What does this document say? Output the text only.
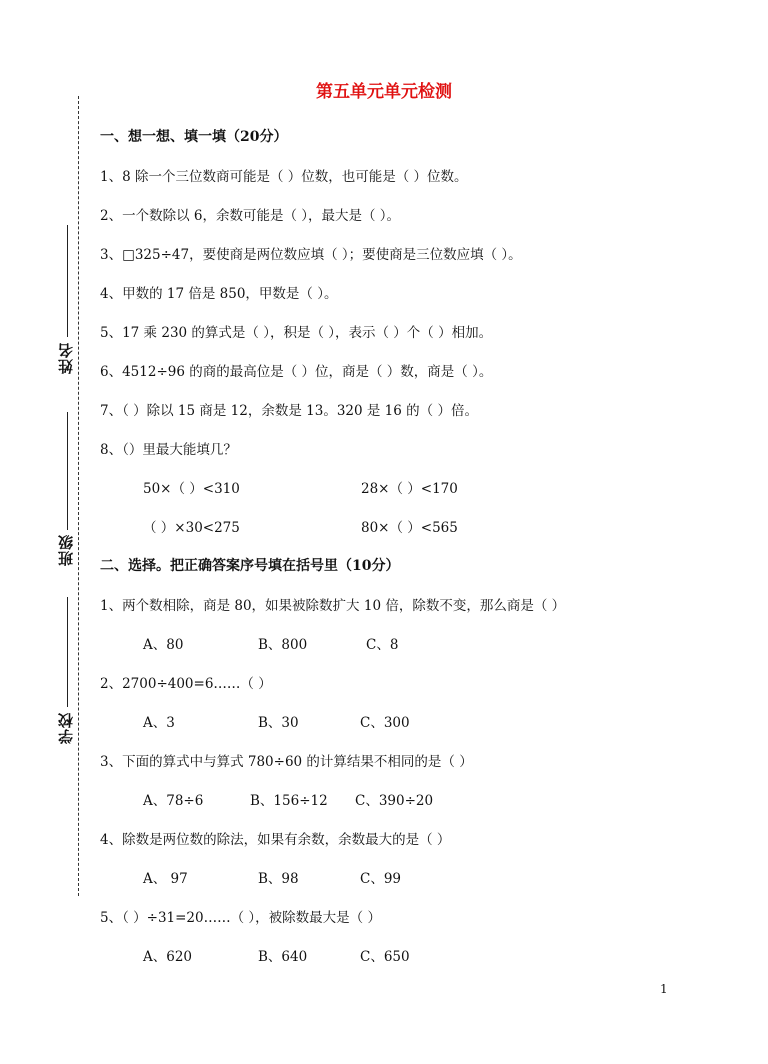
姓名
班级
学校
第五单元单元检测
一、想一想、填一填（20分）
1、8 除一个三位数商可能是（ ）位数，也可能是（ ）位数。
2、一个数除以 6，余数可能是（ ），最大是（ ）。
3、□325÷47，要使商是两位数应填（ ）；要使商是三位数应填（ ）。
4、甲数的 17 倍是 850，甲数是（ ）。
5、17 乘 230 的算式是（ ），积是（ ），表示（ ）个（ ）相加。
6、4512÷96 的商的最高位是（ ）位，商是（ ）数，商是（ ）。
7、（ ）除以 15 商是 12，余数是 13。320 是 16 的（ ）倍。
8、（）里最大能填几？
50×（ ）<310	28×（ ）<170
（ ）×30<275	80×（ ）<565
二、选择。把正确答案序号填在括号里（10分）
1、两个数相除，商是 80，如果被除数扩大 10 倍，除数不变，那么商是（ ）
A、80	B、800	C、8
2、2700÷400=6……（ ）
A、3	B、30	C、300
3、下面的算式中与算式 780÷60 的计算结果不相同的是（ ）
A、78÷6	B、156÷12 C、390÷20
4、除数是两位数的除法，如果有余数，余数最大的是（ ）
A、 97	B、98	C、99
5、（ ）÷31=20……（ ），被除数最大是（ ）
A、620	B、640	C、650
1
